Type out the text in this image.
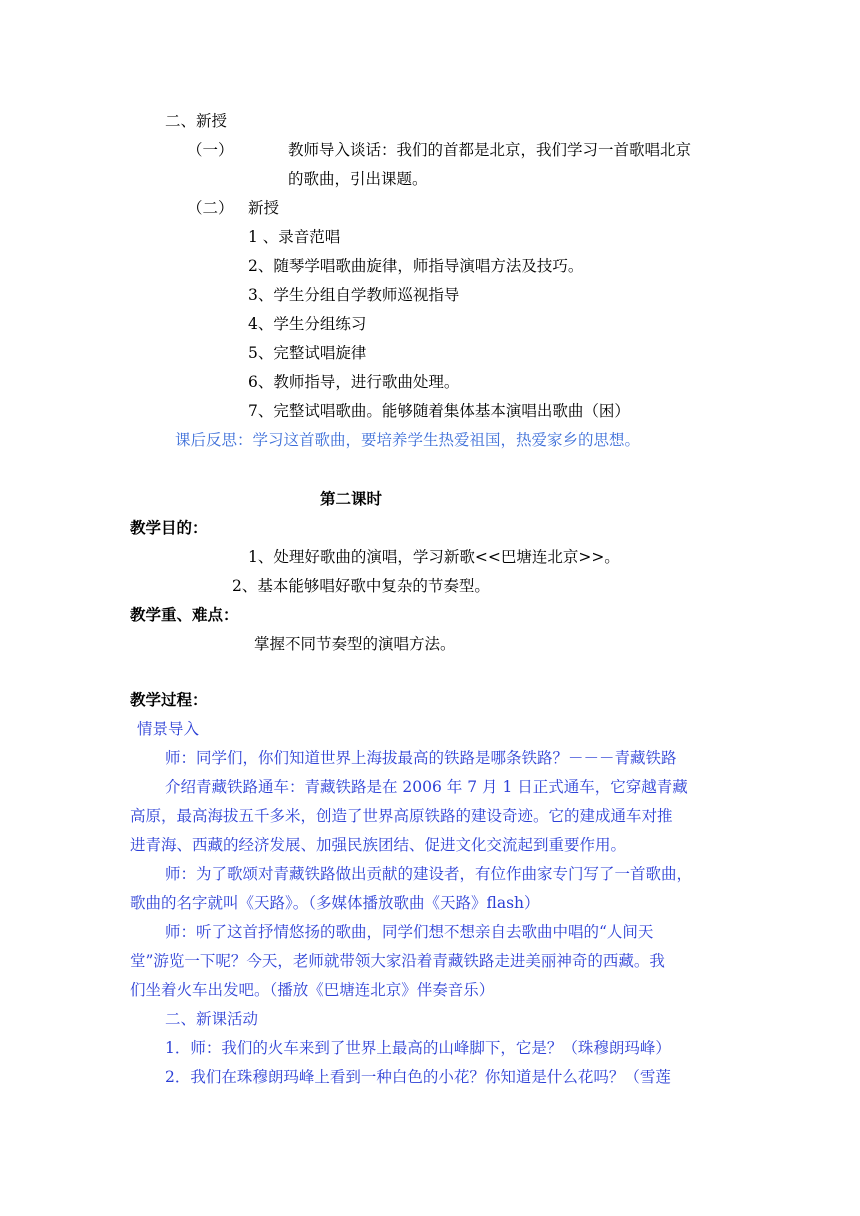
二、新授
（一）	教师导入谈话：我们的首都是北京，我们学习一首歌唱北京
的歌曲，引出课题。
（二） 新授
1 、录音范唱
2、随琴学唱歌曲旋律，师指导演唱方法及技巧。
3、学生分组自学教师巡视指导
4、学生分组练习
5、完整试唱旋律
6、教师指导，进行歌曲处理。
7、完整试唱歌曲。能够随着集体基本演唱出歌曲（困）
课后反思：学习这首歌曲，要培养学生热爱祖国，热爱家乡的思想。
第二课时
教学目的：
1、处理好歌曲的演唱，学习新歌<<巴塘连北京>>。
2、基本能够唱好歌中复杂的节奏型。
教学重、难点：
掌握不同节奏型的演唱方法。
教学过程：
情景导入
师：同学们，你们知道世界上海拔最高的铁路是哪条铁路？－－－青藏铁路
介绍青藏铁路通车：青藏铁路是在 2006 年 7 月 1 日正式通车，它穿越青藏
高原，最高海拔五千多米，创造了世界高原铁路的建设奇迹。它的建成通车对推
进青海、西藏的经济发展、加强民族团结、促进文化交流起到重要作用。
师：为了歌颂对青藏铁路做出贡献的建设者，有位作曲家专门写了一首歌曲，
歌曲的名字就叫《天路》。（多媒体播放歌曲《天路》flash）
师：听了这首抒情悠扬的歌曲，同学们想不想亲自去歌曲中唱的“人间天
堂”游览一下呢？今天，老师就带领大家沿着青藏铁路走进美丽神奇的西藏。我
们坐着火车出发吧。（播放《巴塘连北京》伴奏音乐）
二、新课活动
1．师：我们的火车来到了世界上最高的山峰脚下，它是？（珠穆朗玛峰）
2．我们在珠穆朗玛峰上看到一种白色的小花？你知道是什么花吗？（雪莲
